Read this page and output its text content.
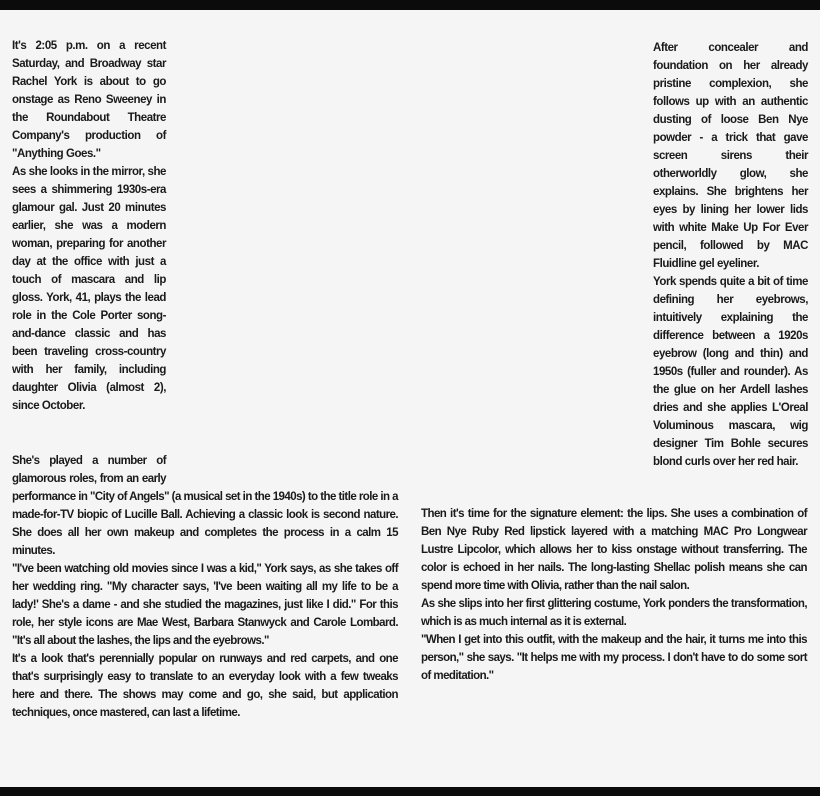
It's 2:05 p.m. on a recent Saturday, and Broadway star Rachel York is about to go onstage as Reno Sweeney in the Roundabout Theatre Company's production of "Anything Goes."

As she looks in the mirror, she sees a shimmering 1930s-era glamour gal. Just 20 minutes earlier, she was a modern woman, preparing for another day at the office with just a touch of mascara and lip gloss. York, 41, plays the lead role in the Cole Porter song-and-dance classic and has been traveling cross-country with her family, including daughter Olivia (almost 2), since October.

After concealer and foundation on her already pristine complexion, she follows up with an authentic dusting of loose Ben Nye powder - a trick that gave screen sirens their otherworldly glow, she explains. She brightens her eyes by lining her lower lids with white Make Up For Ever pencil, followed by MAC Fluidline gel eyeliner.

York spends quite a bit of time defining her eyebrows, intuitively explaining the difference between a 1920s eyebrow (long and thin) and 1950s (fuller and rounder). As the glue on her Ardell lashes dries and she applies L'Oreal Voluminous mascara, wig designer Tim Bohle secures blond curls over her red hair.

She's played a number of glamorous roles, from an early performance in "City of Angels" (a musical set in the 1940s) to the title role in a made-for-TV biopic of Lucille Ball. Achieving a classic look is second nature. She does all her own makeup and completes the process in a calm 15 minutes.

"I've been watching old movies since I was a kid," York says, as she takes off her wedding ring. "My character says, 'I've been waiting all my life to be a lady!' She's a dame - and she studied the magazines, just like I did." For this role, her style icons are Mae West, Barbara Stanwyck and Carole Lombard. "It's all about the lashes, the lips and the eyebrows."

It's a look that's perennially popular on runways and red carpets, and one that's surprisingly easy to translate to an everyday look with a few tweaks here and there. The shows may come and go, she said, but application techniques, once mastered, can last a lifetime.

Then it's time for the signature element: the lips. She uses a combination of Ben Nye Ruby Red lipstick layered with a matching MAC Pro Longwear Lustre Lipcolor, which allows her to kiss onstage without transferring. The color is echoed in her nails. The long-lasting Shellac polish means she can spend more time with Olivia, rather than the nail salon.

As she slips into her first glittering costume, York ponders the transformation, which is as much internal as it is external.

"When I get into this outfit, with the makeup and the hair, it turns me into this person," she says. "It helps me with my process. I don't have to do some sort of meditation."
